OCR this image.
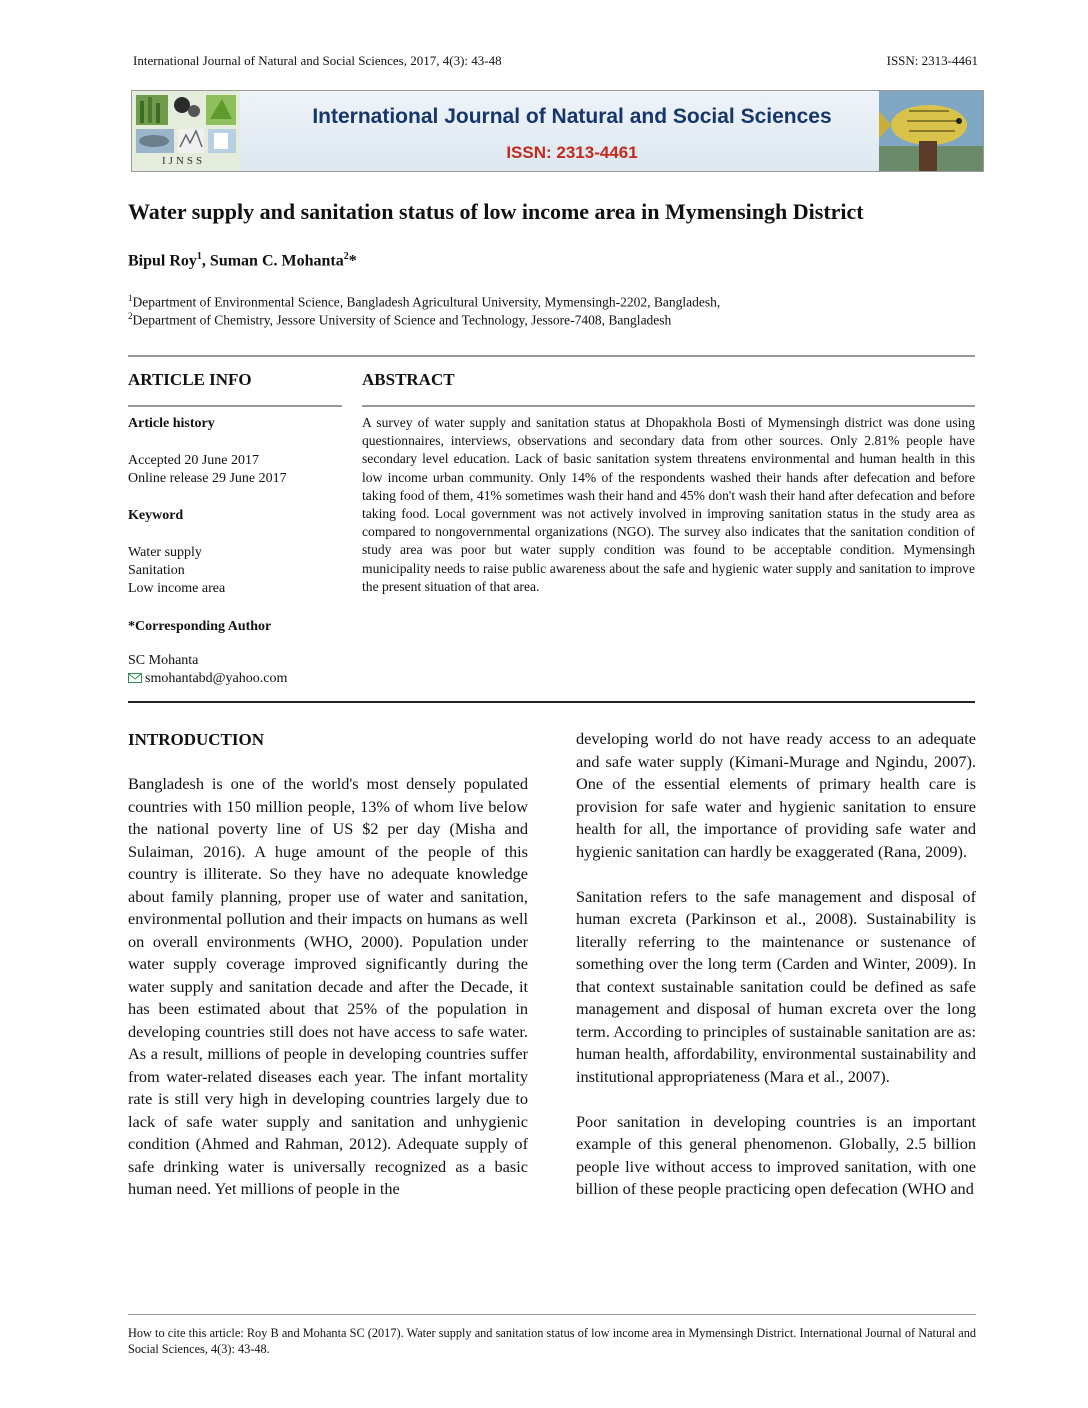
International Journal of Natural and Social Sciences, 2017, 4(3): 43-48	ISSN: 2313-4461
IJNSS
International Journal of Natural and Social Sciences
ISSN: 2313-4461
Water supply and sanitation status of low income area in Mymensingh District
Bipul Roy$^1$, Suman C. Mohanta$^2$*
$^1$Department of Environmental Science, Bangladesh Agricultural University, Mymensingh-2202, Bangladesh,
$^2$Department of Chemistry, Jessore University of Science and Technology, Jessore-7408, Bangladesh
ARTICLE INFO
Article history
Accepted 20 June 2017
Online release 29 June 2017
Keyword
Water supply
Sanitation
Low income area
*Corresponding Author
SC Mohanta
smohantabd@yahoo.com
ABSTRACT

A survey of water supply and sanitation status at Dhopakhola Bosti of Mymensingh district was done using questionnaires, interviews, observations and secondary data from other sources. Only 2.81% people have secondary level education. Lack of basic sanitation system threatens environmental and human health in this low income urban community. Only 14% of the respondents washed their hands after defecation and before taking food of them, 41% sometimes wash their hand and 45% don't wash their hand after defecation and before taking food. Local government was not actively involved in improving sanitation status in the study area as compared to nongovernmental organizations (NGO). The survey also indicates that the sanitation condition of study area was poor but water supply condition was found to be acceptable condition. Mymensingh municipality needs to raise public awareness about the safe and hygienic water supply and sanitation to improve the present situation of that area.

INTRODUCTION

Bangladesh is one of the world's most densely populated countries with 150 million people, 13% of whom live below the national poverty line of US $2 per day (Misha and Sulaiman, 2016). A huge amount of the people of this country is illiterate. So they have no adequate knowledge about family planning, proper use of water and sanitation, environmental pollution and their impacts on humans as well on overall environments (WHO, 2000). Population under water supply coverage improved significantly during the water supply and sanitation decade and after the Decade, it has been estimated about that 25% of the population in developing countries still does not have access to safe water. As a result, millions of people in developing countries suffer from water-related diseases each year. The infant mortality rate is still very high in developing countries largely due to lack of safe water supply and sanitation and unhygienic condition (Ahmed and Rahman, 2012). Adequate supply of safe drinking water is universally recognized as a basic human need. Yet millions of people in the

developing world do not have ready access to an adequate and safe water supply (Kimani-Murage and Ngindu, 2007). One of the essential elements of primary health care is provision for safe water and hygienic sanitation to ensure health for all, the importance of providing safe water and hygienic sanitation can hardly be exaggerated (Rana, 2009).

Sanitation refers to the safe management and disposal of human excreta (Parkinson et al., 2008). Sustainability is literally referring to the maintenance or sustenance of something over the long term (Carden and Winter, 2009). In that context sustainable sanitation could be defined as safe management and disposal of human excreta over the long term. According to principles of sustainable sanitation are as: human health, affordability, environmental sustainability and institutional appropriateness (Mara et al., 2007).

Poor sanitation in developing countries is an important example of this general phenomenon. Globally, 2.5 billion people live without access to improved sanitation, with one billion of these people practicing open defecation (WHO and

How to cite this article: Roy B and Mohanta SC (2017). Water supply and sanitation status of low income area in Mymensingh District. International Journal of Natural and Social Sciences, 4(3): 43-48.
